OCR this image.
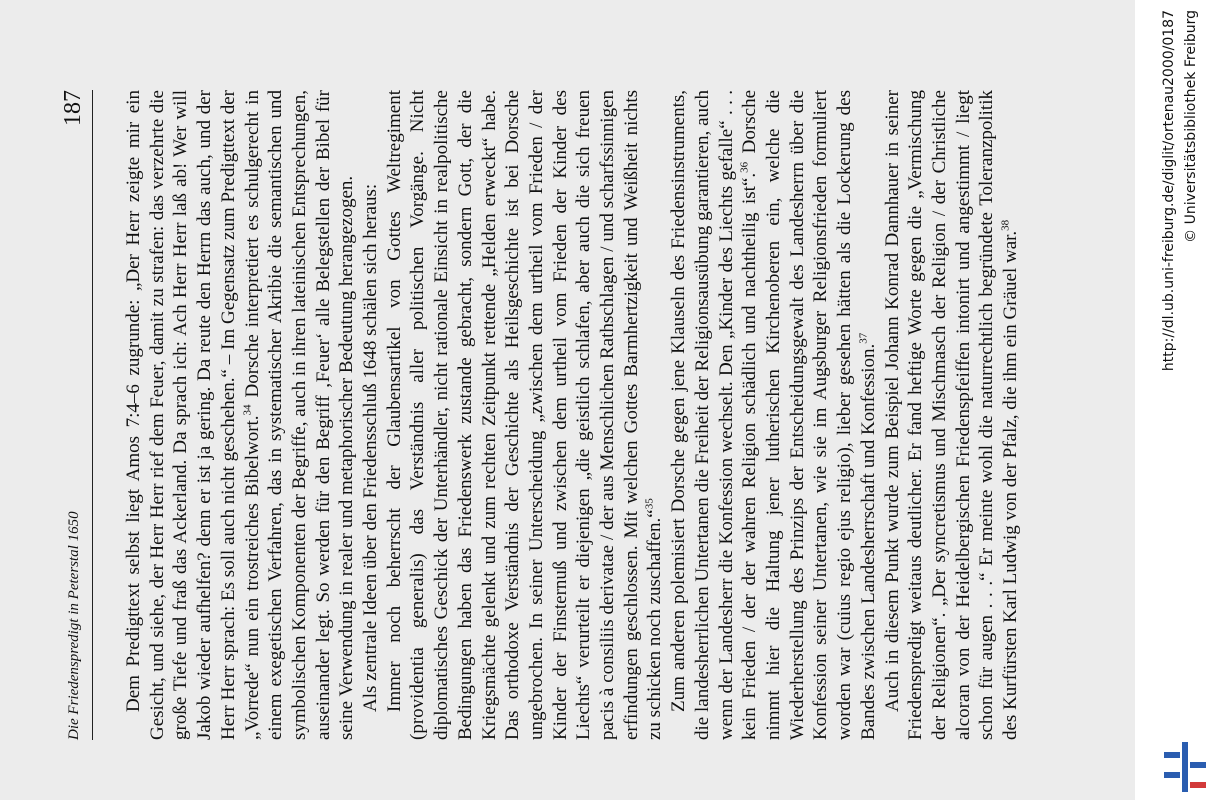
Die Friedenspredigt in Peterstal 1650
187 Dem Predigttext selbst liegt Amos 7:4–6 zugrunde: „Der Herr zeigte mir ein Gesicht, und siehe, der Herr Herr rief dem Feuer, damit zu strafen: das verzehrte die große Tiefe und fraß das Ackerland. Da sprach ich: Ach Herr Herr laß ab! Wer will Jakob wieder aufhelfen? denn er ist ja gering. Da reute den Herrn das auch, und der Herr Herr sprach: Es soll auch nicht geschehen.“ – Im Gegensatz zum Predigttext der „Vorrede“ nun ein trostreiches Bibelwort.$^{34}$ Dorsche interpretiert es schulgerecht in einem exegetischen Verfahren, das in systematischer Akribie die semantischen und symbolischen Komponenten der Begriffe, auch in ihren lateinischen Entsprechungen, auseinander legt. So werden für den Begriff ‚Feuer‘ alle Belegstellen der Bibel für seine Verwendung in realer und metaphorischer Bedeutung herangezogen. Als zentrale Ideen über den Friedensschluß 1648 schälen sich heraus: Immer noch beherrscht der Glaubensartikel von Gottes Weltregiment (providentia generalis) das Verständnis aller politischen Vorgänge. Nicht diplomatisches Geschick der Unterhändler, nicht rationale Einsicht in realpolitische Bedingungen haben das Friedenswerk zustande gebracht, sondern Gott, der die Kriegsmächte gelenkt und zum rechten Zeitpunkt rettende „Helden erweckt“ habe. Das orthodoxe Verständnis der Geschichte als Heilsgeschichte ist bei Dorsche ungebrochen. In seiner Unterscheidung „zwischen dem urtheil vom Frieden / der Kinder der Finsternuß und zwischen dem urtheil vom Frieden der Kinder des Liechts“ verurteilt er diejenigen „die geistlich schlafen, aber auch die sich freuen pacis à consiliis derivatae / der aus Menschlichen Rathschlagen / und scharfssinnigen erfindungen geschlossen. Mit welchen Gottes Barmhertzigkeit und Weißheit nichts zu schicken noch zuschaffen.“$^{35}$ Zum anderen polemisiert Dorsche gegen jene Klauseln des Friedensinstruments, die landesherrlichen Untertanen die Freiheit der Religionsausübung garantieren, auch wenn der Landesherr die Konfession wechselt. Den „Kinder des Liechts gefalle“ . . . kein Frieden / der der wahren Religion schädlich und nachtheilig ist“.$^{36}$ Dorsche nimmt hier die Haltung jener lutherischen Kirchenoberen ein, welche die Wiederherstellung des Prinzips der Entscheidungsgewalt des Landesherrn über die Konfession seiner Untertanen, wie sie im Augsburger Religionsfrieden formuliert worden war (cuius regio ejus religio), lieber gesehen hätten als die Lockerung des Bandes zwischen Landesherrschaft und Konfession.$^{37}$ Auch in diesem Punkt wurde zum Beispiel Johann Konrad Dannhauer in seiner Friedenspredigt weitaus deutlicher. Er fand heftige Worte gegen die „Vermischung der Religionen“. „Der syncretismus und Mischmasch der Religion / der Christliche alcoran von der Heidelbergischen Friedenspfeiffen intonirt und angestimmt / liegt schon für augen . . .“ Er meinte wohl die naturrechtlich begründete Toleranzpolitik des Kurfürsten Karl Ludwig von der Pfalz, die ihm ein Gräuel war.$^{38}$	http://dl.ub.uni-freiburg.de/diglit/ortenau2000/0187 © Universitätsbibliothek Freiburg
